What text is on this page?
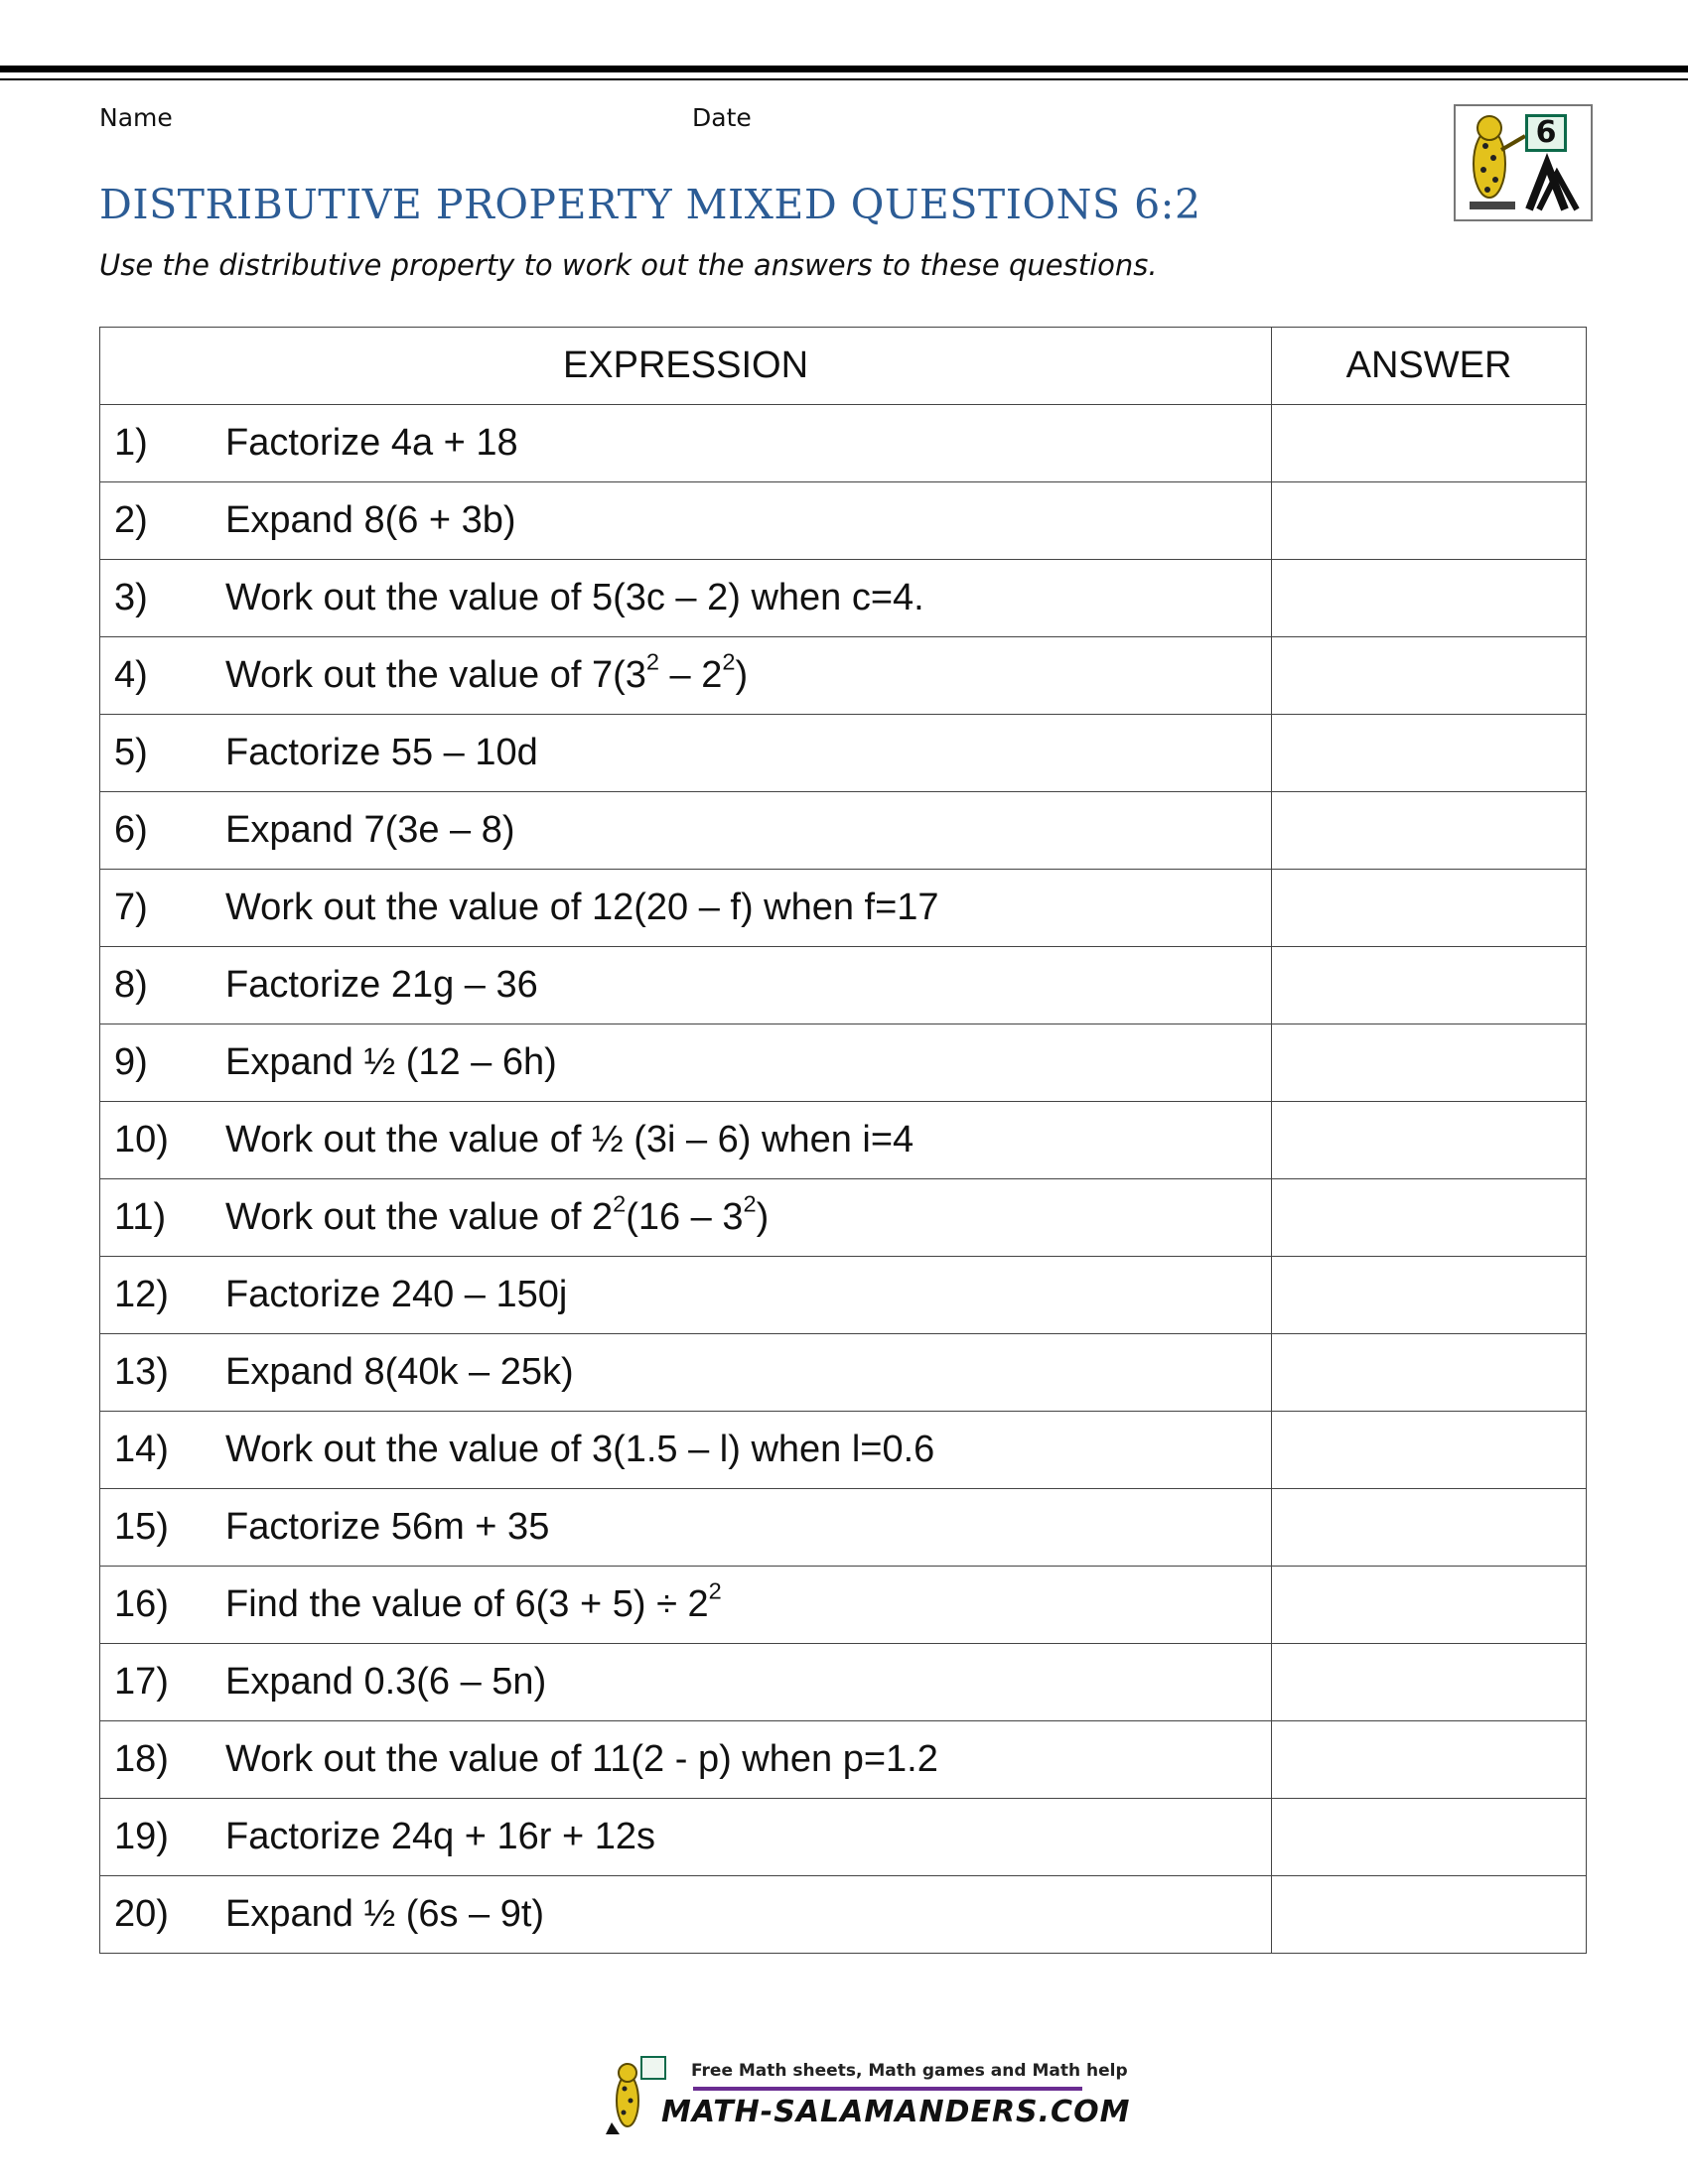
Name	Date	6
DISTRIBUTIVE PROPERTY MIXED QUESTIONS 6:2

Use the distributive property to work out the answers to these questions.

EXPRESSION	ANSWER
1) Factorize 4a + 18	
2) Expand 8(6 + 3b)	
3) Work out the value of 5(3c – 2) when c=4.	
4) Work out the value of $7(3^2 - 2^2)$	
5) Factorize 55 – 10d	
6) Expand 7(3e – 8)	
7) Work out the value of 12(20 – f) when f=17	
8) Factorize 21g – 36	
9) Expand ½ (12 – 6h)	
10) Work out the value of ½ (3i – 6) when i=4	
11) Work out the value of $2^2(16 - 3^2)$	
12) Factorize 240 – 150j	
13) Expand 8(40k – 25k)	
14) Work out the value of 3(1.5 – l) when l=0.6	
15) Factorize 56m + 35	
16) Find the value of $6(3 + 5) \div 2^2$	
17) Expand 0.3(6 – 5n)	
18) Work out the value of 11(2 - p) when p=1.2	
19) Factorize 24q + 16r + 12s	
20) Expand ½ (6s – 9t)	
Free Math sheets, Math games and Math help
MATH-SALAMANDERS.COM
